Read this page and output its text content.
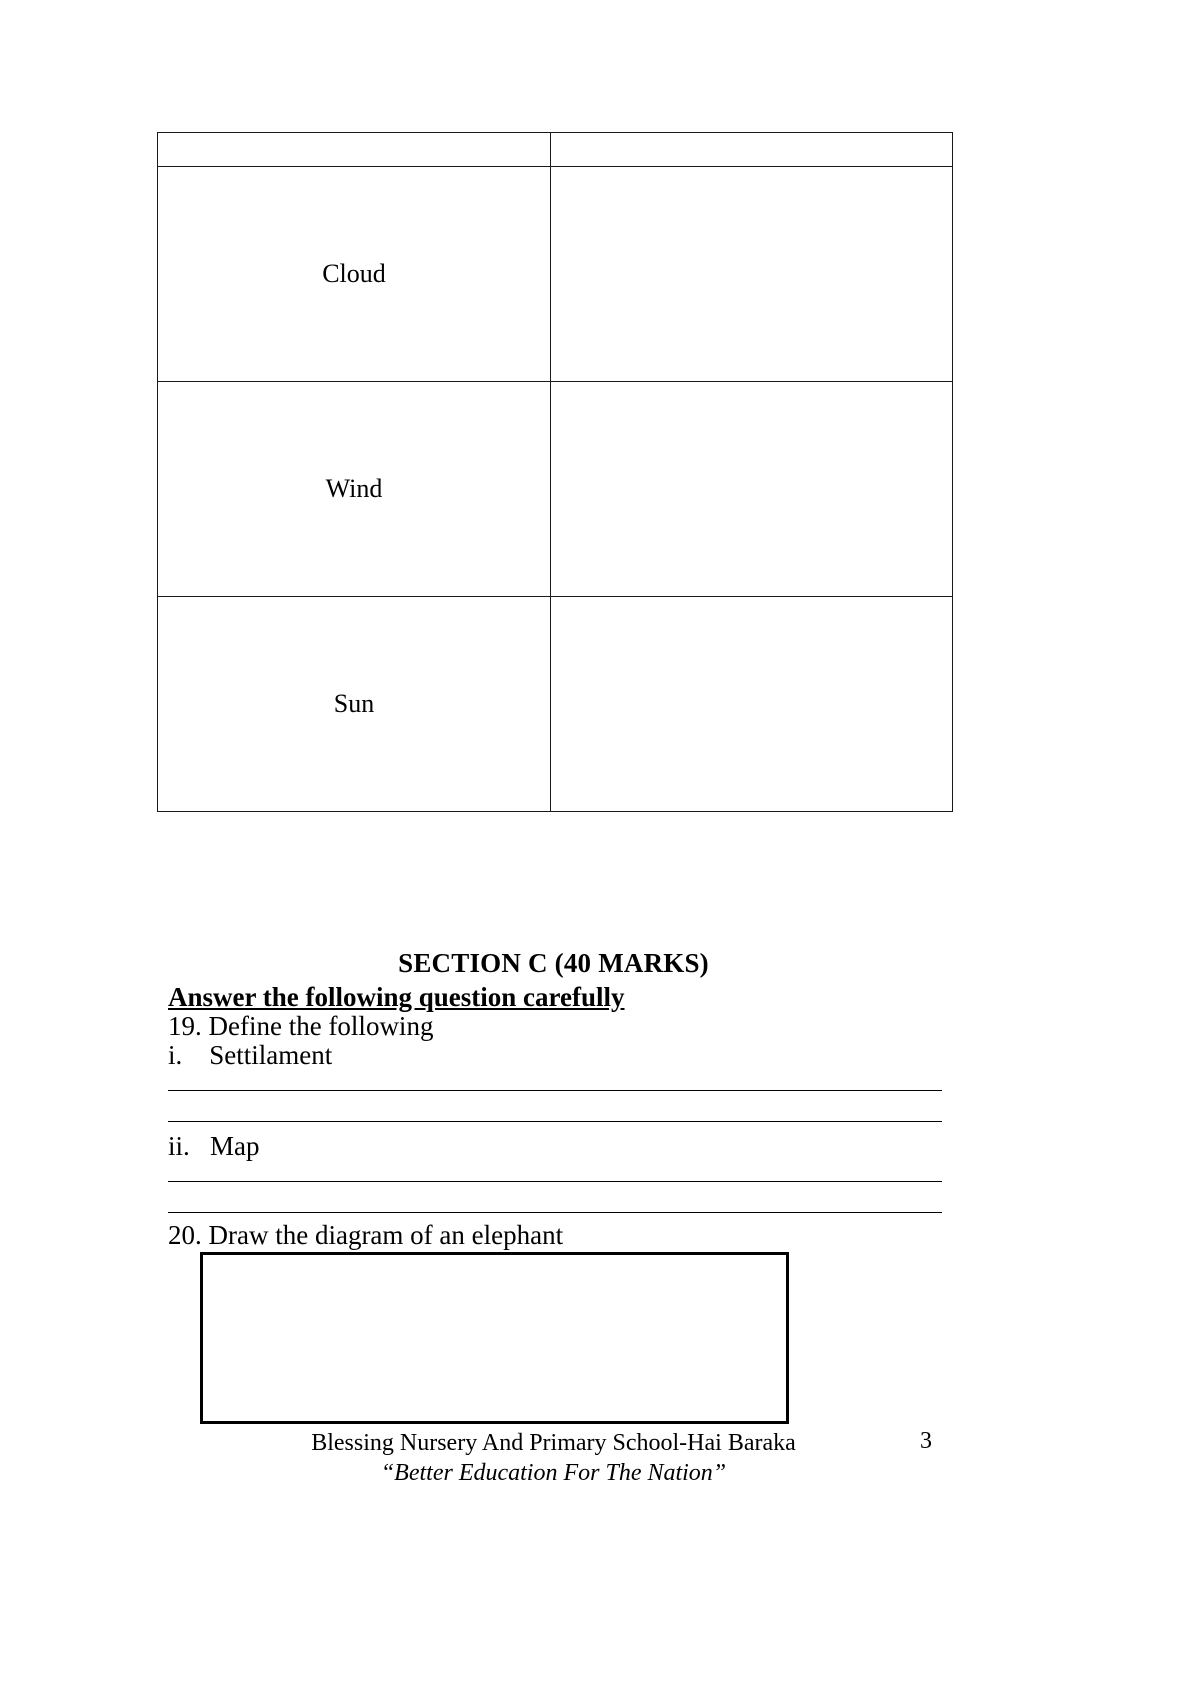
Cloud	
Wind	
Sun	
SECTION C (40 MARKS)
Answer the following question carefully
19. Define the following
i.    Settilament
ii.   Map
20. Draw the diagram of an elephant
Blessing Nursery And Primary School-Hai Baraka
“Better Education For The Nation”
3
